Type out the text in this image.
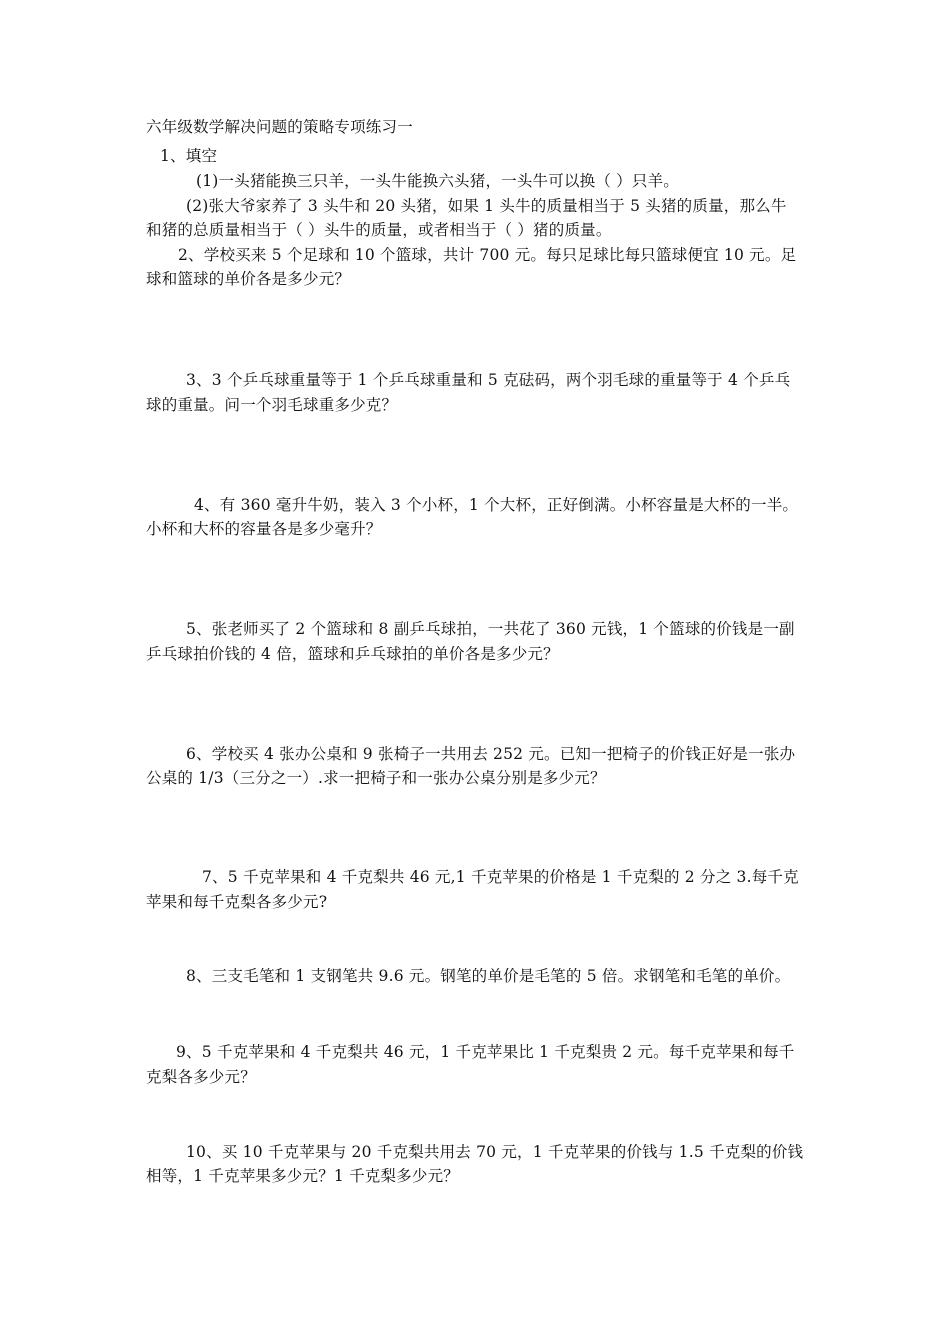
六年级数学解决问题的策略专项练习一
1、填空
(1)一头猪能换三只羊，一头牛能换六头猪，一头牛可以换（ ）只羊。
(2)张大爷家养了 3 头牛和 20 头猪，如果 1 头牛的质量相当于 5 头猪的质量，那么牛
和猪的总质量相当于（ ）头牛的质量，或者相当于（ ）猪的质量。
2、学校买来 5 个足球和 10 个篮球，共计 700 元。每只足球比每只篮球便宜 10 元。足
球和篮球的单价各是多少元？
3、3 个乒乓球重量等于 1 个乒乓球重量和 5 克砝码，两个羽毛球的重量等于 4 个乒乓
球的重量。问一个羽毛球重多少克？
4、有 360 毫升牛奶，装入 3 个小杯，1 个大杯，正好倒满。小杯容量是大杯的一半。
小杯和大杯的容量各是多少毫升？
5、张老师买了 2 个篮球和 8 副乒乓球拍，一共花了 360 元钱，1 个篮球的价钱是一副
乒乓球拍价钱的 4 倍，篮球和乒乓球拍的单价各是多少元？
6、学校买 4 张办公桌和 9 张椅子一共用去 252 元。已知一把椅子的价钱正好是一张办
公桌的 1/3（三分之一）.求一把椅子和一张办公桌分别是多少元？
7、5 千克苹果和 4 千克梨共 46 元,1 千克苹果的价格是 1 千克梨的 2 分之 3.每千克
苹果和每千克梨各多少元?
8、三支毛笔和 1 支钢笔共 9.6 元。钢笔的单价是毛笔的 5 倍。求钢笔和毛笔的单价。
9、5 千克苹果和 4 千克梨共 46 元，1 千克苹果比 1 千克梨贵 2 元。每千克苹果和每千
克梨各多少元？
10、买 10 千克苹果与 20 千克梨共用去 70 元，1 千克苹果的价钱与 1.5 千克梨的价钱
相等，1 千克苹果多少元？1 千克梨多少元？
